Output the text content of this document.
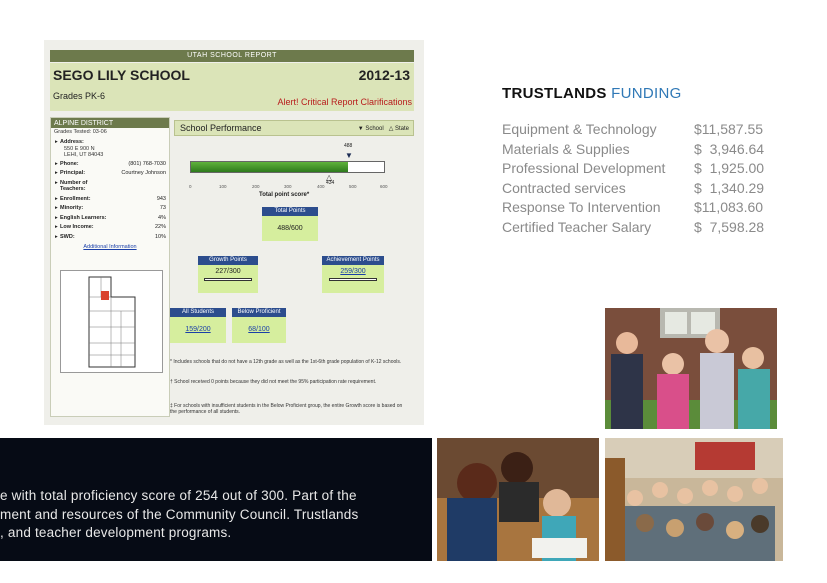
UTAH SCHOOL REPORT
SEGO LILY SCHOOL	2012-13
Grades PK-6
Alert! Critical Report Clarifications
ALPINE DISTRICT
Grades Tested: 03-06
▸ Address:
550 E 900 N
LEHI, UT 84043
▸ Phone:	(801) 768-7030
▸ Principal:	Courtney Johnson
▸ Number of Teachers:
▸ Enrollment:	943
▸ Minority:	73
▸ English Learners:	4%
▸ Low Income:	22%
▸ SWD:	10%
Additional Information
School Performance	▼ School △ State
488
▼
△
434
0	100	200	300	400	500	600
Total point score*
Total Points
488/600
Growth Points
227/300
Achievement Points
259/300
All Students
159/200
Below Proficient
68/100
* Includes schools that do not have a 12th grade as well as the 1st-6th grade population of K-12 schools.
† School received 0 points because they did not meet the 95% participation rate requirement.
‡ For schools with insufficient students in the Below Proficient group, the entire Growth score is based on the performance of all students.
TRUSTLANDS FUNDING
Equipment & Technology	$11,587.55
Materials & Supplies	$  3,946.64
Professional Development	$  1,925.00
Contracted services	$  1,340.29
Response To Intervention	$11,083.60
Certified Teacher Salary	$  7,598.28
e with total proficiency score of 254 out of 300. Part of the
ment and resources of the Community Council. Trustlands
, and teacher development programs.
